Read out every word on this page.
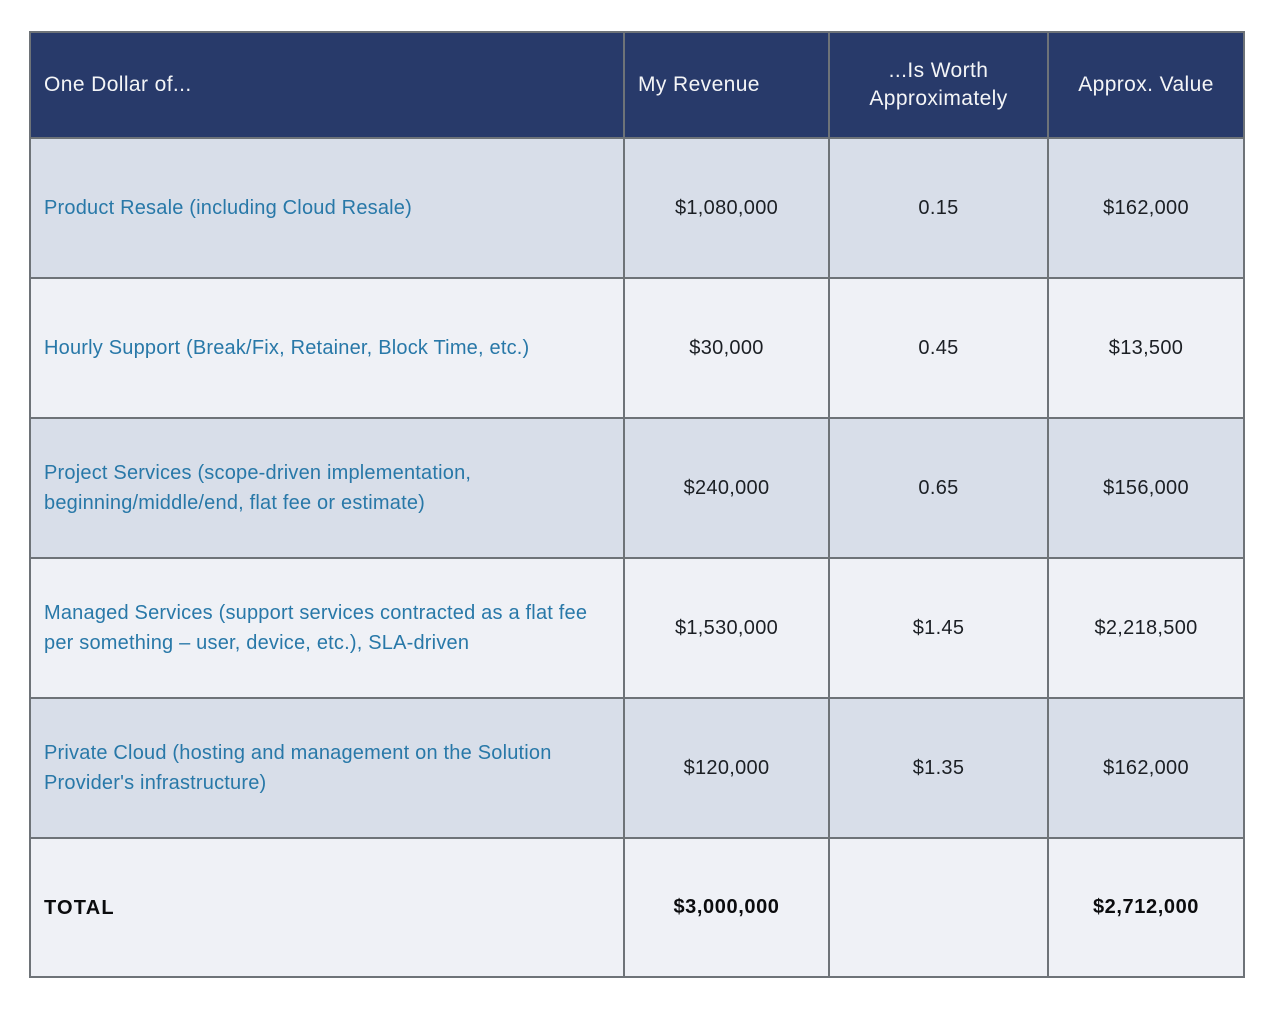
One Dollar of...	My Revenue	...Is Worth Approximately	Approx. Value
Product Resale (including Cloud Resale)	$1,080,000	0.15	$162,000
Hourly Support (Break/Fix, Retainer, Block Time, etc.)	$30,000	0.45	$13,500
Project Services (scope-driven implementation, beginning/middle/end, flat fee or estimate)	$240,000	0.65	$156,000
Managed Services (support services contracted as a flat fee per something – user, device, etc.), SLA-driven	$1,530,000	$1.45	$2,218,500
Private Cloud (hosting and management on the Solution Provider's infrastructure)	$120,000	$1.35	$162,000
TOTAL	$3,000,000		$2,712,000
